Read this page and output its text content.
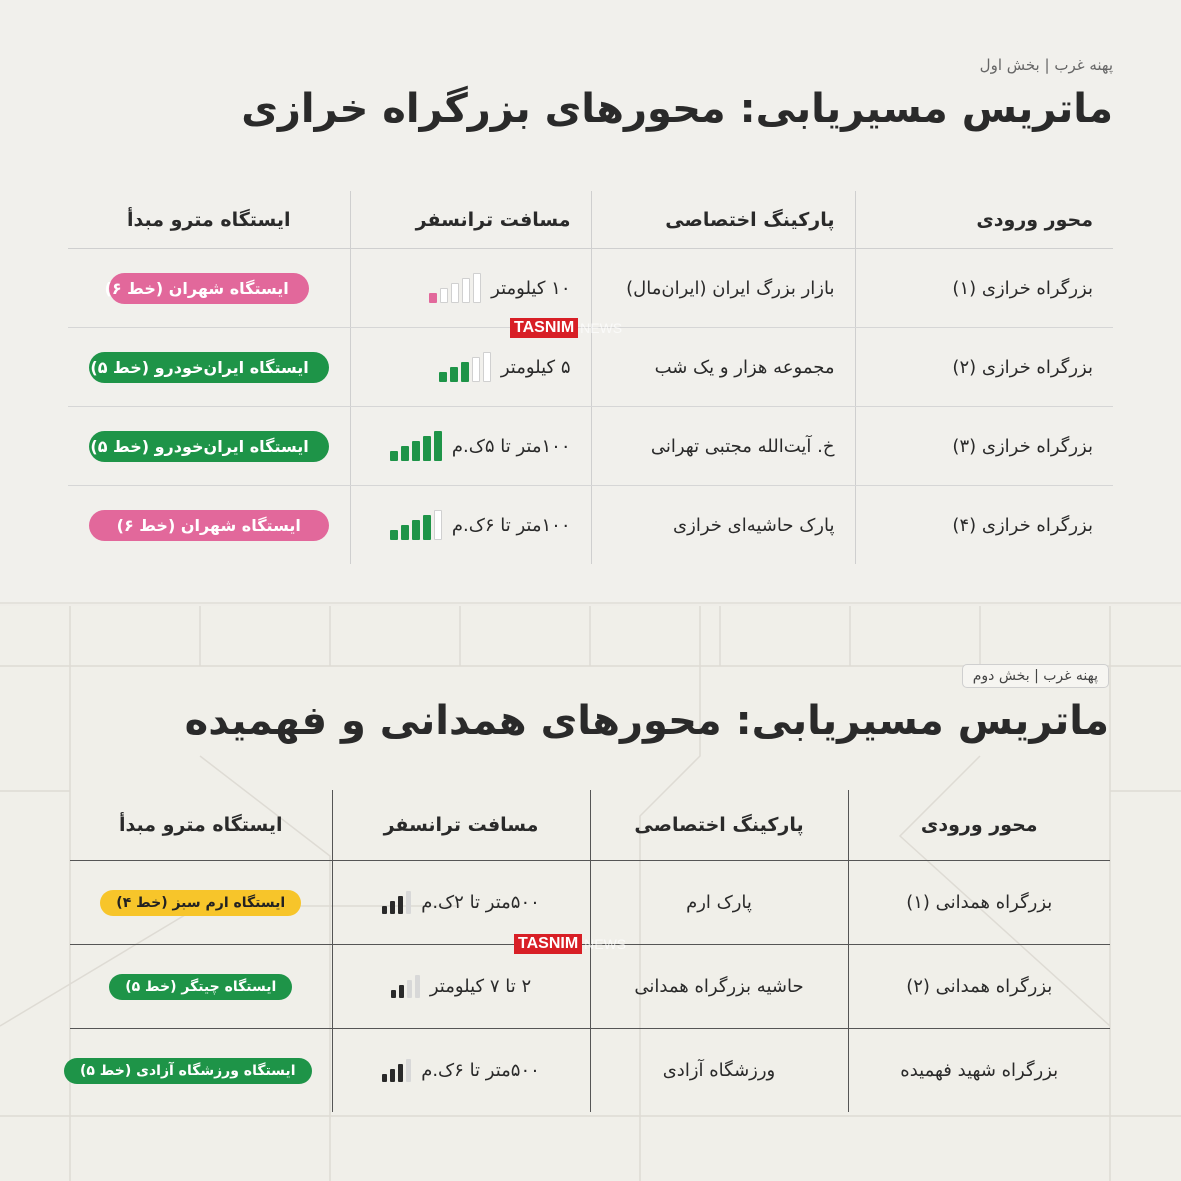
پهنه غرب | بخش اول
ماتریس مسیریابی: محورهای بزرگراه خرازی
محور ورودی	پارکینگ اختصاصی	مسافت ترانسفر	ایستگاه مترو مبدأ
بزرگراه خرازی (۱)	بازار بزرگ ایران (ایران‌مال)	۱۰ کیلومتر	ایستگاه شهران (خط ۶)
بزرگراه خرازی (۲)	مجموعه هزار و یک شب	۵ کیلومتر	ایستگاه ایران‌خودرو (خط ۵)
بزرگراه خرازی (۳)	خ. آیت‌الله مجتبی تهرانی	۱۰۰متر تا ۵ک.م	ایستگاه ایران‌خودرو (خط ۵)
بزرگراه خرازی (۴)	پارک حاشیه‌ای خرازی	۱۰۰متر تا ۶ک.م	ایستگاه شهران (خط ۶)
TASNIM NEWS
پهنه غرب | بخش دوم
ماتریس مسیریابی: محورهای همدانی و فهمیده
محور ورودی	پارکینگ اختصاصی	مسافت ترانسفر	ایستگاه مترو مبدأ
بزرگراه همدانی (۱)	پارک ارم	۵۰۰متر تا ۲ک.م	ایستگاه ارم سبز (خط ۴)
بزرگراه همدانی (۲)	حاشیه بزرگراه همدانی	۲ تا ۷ کیلومتر	ایستگاه چیتگر (خط ۵)
بزرگراه شهید فهمیده	ورزشگاه آزادی	۵۰۰متر تا ۶ک.م	ایستگاه ورزشگاه آزادی (خط ۵)
TASNIM NEWS
